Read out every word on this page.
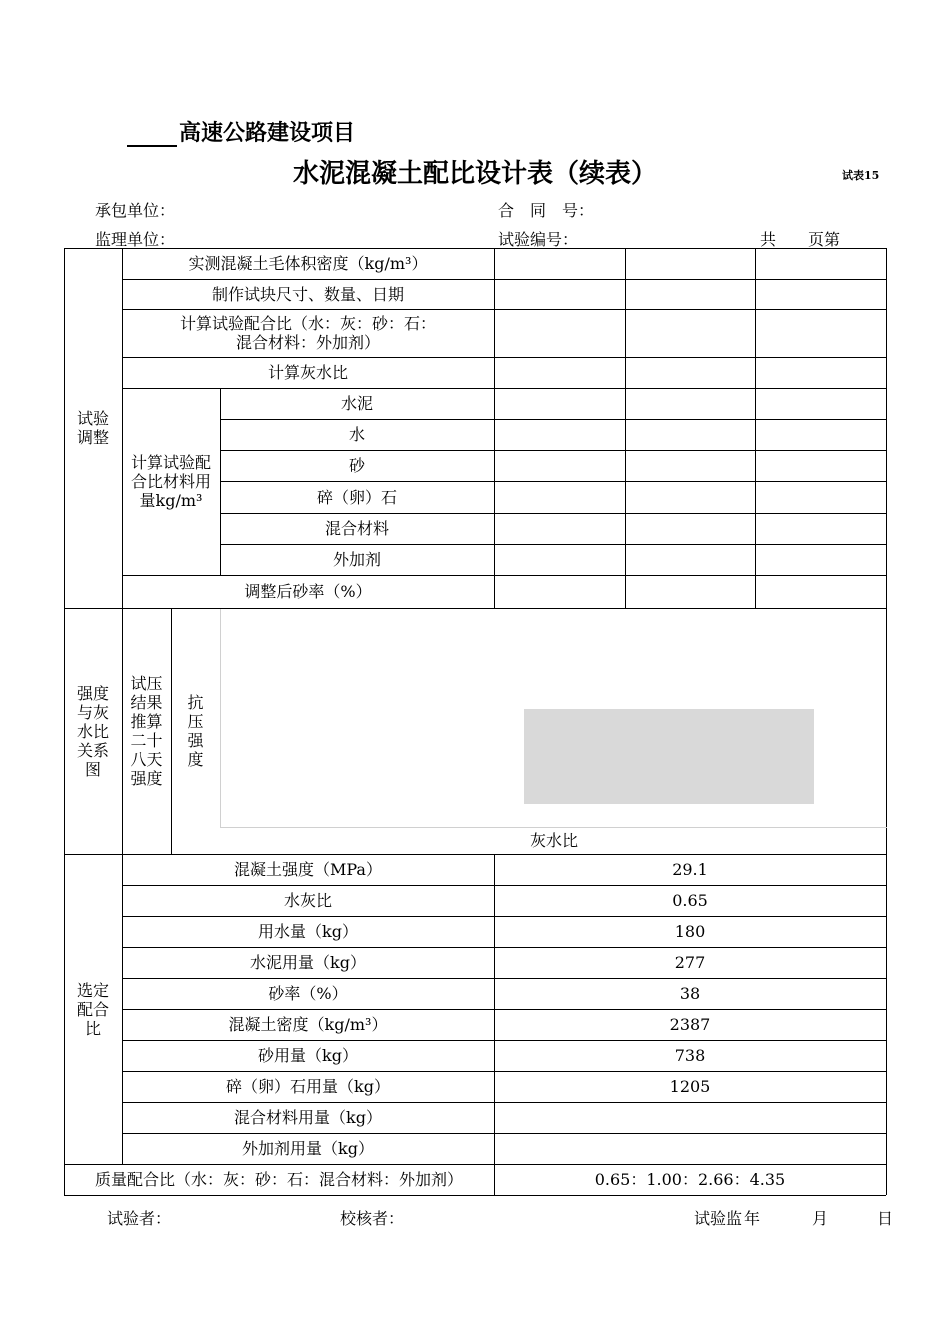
高速公路建设项目
水泥混凝土配比设计表（续表）	试表15
承包单位：	合　同　号：
监理单位：	试验编号：	共　　页第
试验调整
实测混凝土毛体积密度（kg/m³）
制作试块尺寸、数量、日期
计算试验配合比（水：灰：砂：石：
混合材料：外加剂）
计算灰水比
计算试验配合比材料用量kg/m³
水泥
水
砂
碎（卵）石
混合材料
外加剂
调整后砂率（%）
强度与灰水比关系图
试压结果推算二十八天强度
抗压强度
灰水比
选定配合比
混凝土强度（MPa）	29.1
水灰比	0.65
用水量（kg）	180
水泥用量（kg）	277
砂率（%）	38
混凝土密度（kg/m³）	2387
砂用量（kg）	738
碎（卵）石用量（kg）	1205
混合材料用量（kg）
外加剂用量（kg）
质量配合比（水：灰：砂：石：混合材料：外加剂）	0.65：1.00：2.66：4.35
试验者：	校核者：	试验监 年	月	日
